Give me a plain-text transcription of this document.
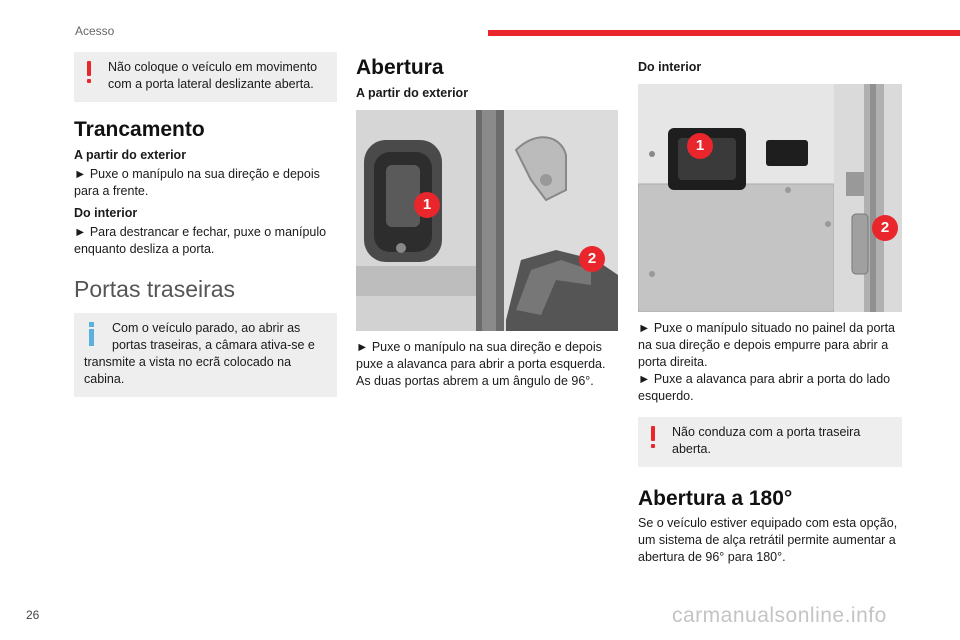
Acesso
Não coloque o veículo em movimento com a porta lateral deslizante aberta.
Trancamento
A partir do exterior

► Puxe o manípulo na sua direção e depois para a frente.

Do interior

► Para destrancar e fechar, puxe o manípulo enquanto desliza a porta.

Portas traseiras
Com o veículo parado, ao abrir as portas traseiras, a câmara ativa-se e transmite a vista no ecrã colocado na cabina.
Abertura
A partir do exterior
1
2

► Puxe o manípulo na sua direção e depois puxe a alavanca para abrir a porta esquerda. As duas portas abrem a um ângulo de 96°.

Do interior
1
2

► Puxe o manípulo situado no painel da porta na sua direção e depois empurre para abrir a porta direita.

► Puxe a alavanca para abrir a porta do lado esquerdo.

Não conduza com a porta traseira aberta.
Abertura a 180°

Se o veículo estiver equipado com esta opção, um sistema de alça retrátil permite aumentar a abertura de 96° para 180°.

26	carmanualsonline.info
